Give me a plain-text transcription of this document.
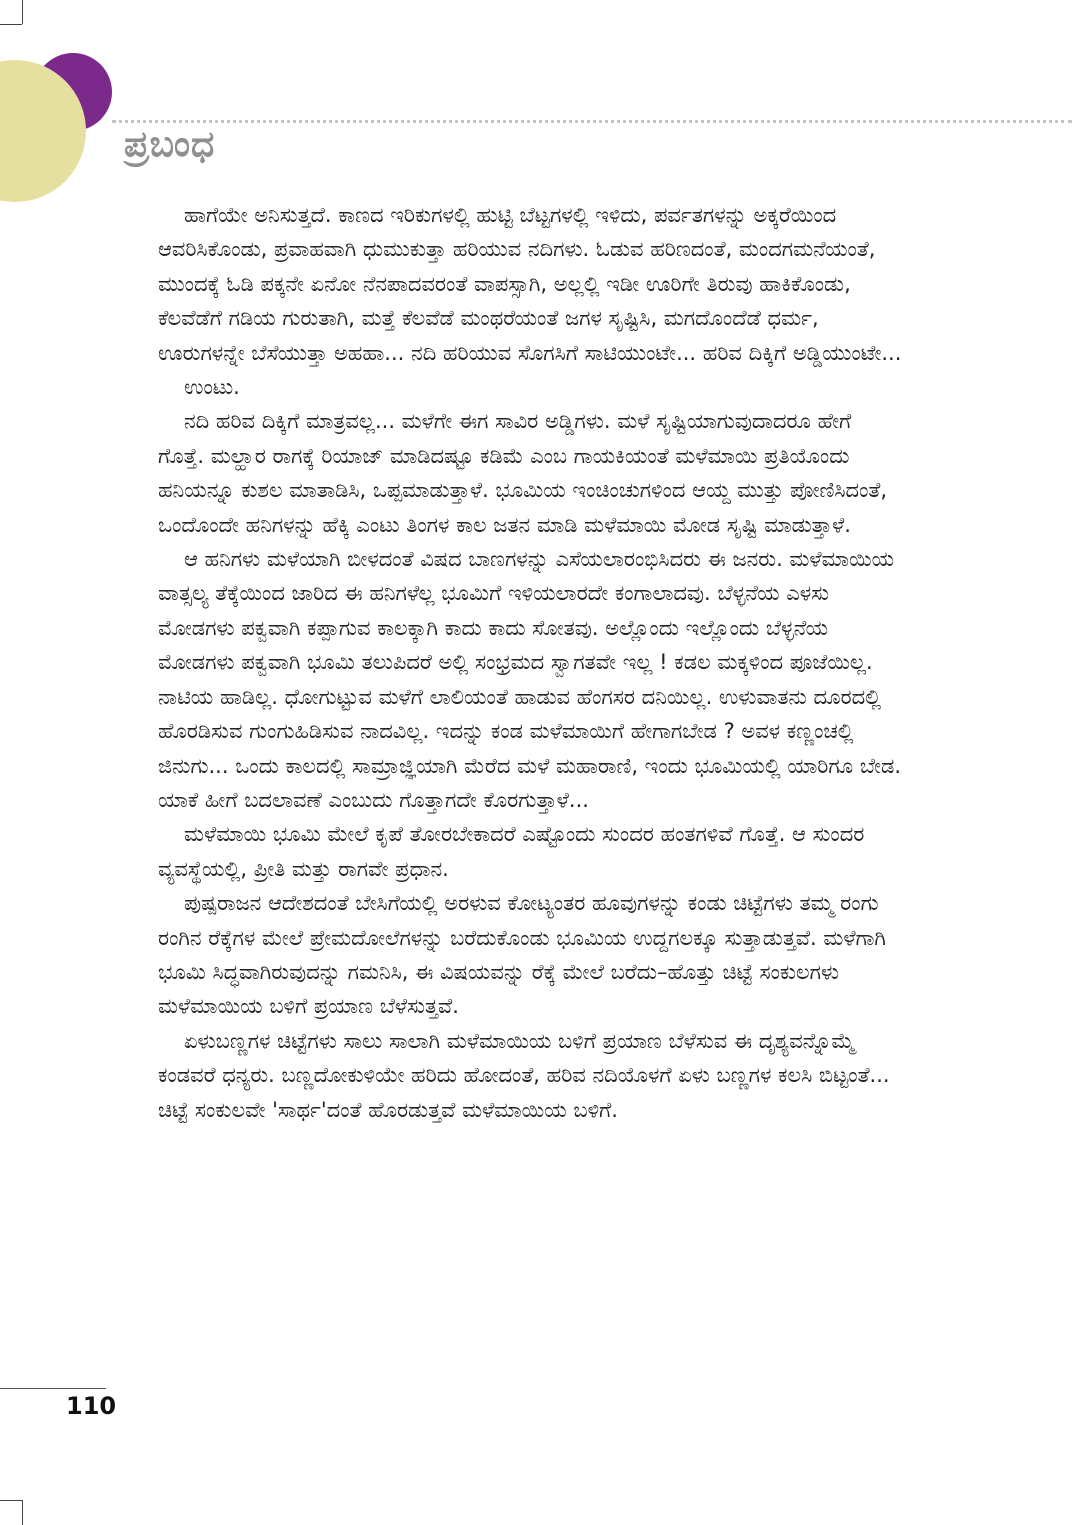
ಪ್ರಬಂಧ

ಹಾಗೆಯೇ ಅನಿಸುತ್ತದೆ. ಕಾಣದ ಇರಿಕುಗಳಲ್ಲಿ ಹುಟ್ಟಿ ಬೆಟ್ಟಗಳಲ್ಲಿ ಇಳಿದು, ಪರ್ವತಗಳನ್ನು ಅಕ್ಕರೆಯಿಂದ ಆವರಿಸಿಕೊಂಡು, ಪ್ರವಾಹವಾಗಿ ಧುಮುಕುತ್ತಾ ಹರಿಯುವ ನದಿಗಳು. ಓಡುವ ಹರಿಣದಂತೆ, ಮಂದಗಮನೆಯಂತೆ, ಮುಂದಕ್ಕೆ ಓಡಿ ಪಕ್ಕನೇ ಏನೋ ನೆನಪಾದವರಂತೆ ವಾಪಸ್ಸಾಗಿ, ಅಲ್ಲಲ್ಲಿ ಇಡೀ ಊರಿಗೇ ತಿರುವು ಹಾಕಿಕೊಂಡು, ಕೆಲವೆಡೆಗೆ ಗಡಿಯ ಗುರುತಾಗಿ, ಮತ್ತೆ ಕೆಲವೆಡೆ ಮಂಥರೆಯಂತೆ ಜಗಳ ಸೃಷ್ಟಿಸಿ, ಮಗದೊಂದೆಡೆ ಧರ್ಮ, ಊರುಗಳನ್ನೇ ಬೆಸೆಯುತ್ತಾ ಅಹಹಾ... ನದಿ ಹರಿಯುವ ಸೊಗಸಿಗೆ ಸಾಟಿಯುಂಟೇ... ಹರಿವ ದಿಕ್ಕಿಗೆ ಅಡ್ಡಿಯುಂಟೇ...

ಉಂಟು.

ನದಿ ಹರಿವ ದಿಕ್ಕಿಗೆ ಮಾತ್ರವಲ್ಲ... ಮಳೆಗೇ ಈಗ ಸಾವಿರ ಅಡ್ಡಿಗಳು. ಮಳೆ ಸೃಷ್ಟಿಯಾಗುವುದಾದರೂ ಹೇಗೆ ಗೊತ್ತೆ. ಮಲ್ಹಾರ ರಾಗಕ್ಕೆ ರಿಯಾಜ್ ಮಾಡಿದಷ್ಟೂ ಕಡಿಮೆ ಎಂಬ ಗಾಯಕಿಯಂತೆ ಮಳೆಮಾಯಿ ಪ್ರತಿಯೊಂದು ಹನಿಯನ್ನೂ ಕುಶಲ ಮಾತಾಡಿಸಿ, ಒಪ್ಪಮಾಡುತ್ತಾಳೆ. ಭೂಮಿಯ ಇಂಚಿಂಚುಗಳಿಂದ ಆಯ್ದ ಮುತ್ತು ಪೋಣಿಸಿದಂತೆ, ಒಂದೊಂದೇ ಹನಿಗಳನ್ನು ಹೆಕ್ಕಿ ಎಂಟು ತಿಂಗಳ ಕಾಲ ಜತನ ಮಾಡಿ ಮಳೆಮಾಯಿ ಮೋಡ ಸೃಷ್ಟಿ ಮಾಡುತ್ತಾಳೆ.

ಆ ಹನಿಗಳು ಮಳೆಯಾಗಿ ಬೀಳದಂತೆ ವಿಷದ ಬಾಣಗಳನ್ನು ಎಸೆಯಲಾರಂಭಿಸಿದರು ಈ ಜನರು. ಮಳೆಮಾಯಿಯ ವಾತ್ಸಲ್ಯ ತೆಕ್ಕೆಯಿಂದ ಜಾರಿದ ಈ ಹನಿಗಳೆಲ್ಲ ಭೂಮಿಗೆ ಇಳಿಯಲಾರದೇ ಕಂಗಾಲಾದವು. ಬೆಳ್ಳನೆಯ ಎಳಸು ಮೋಡಗಳು ಪಕ್ವವಾಗಿ ಕಪ್ಪಾಗುವ ಕಾಲಕ್ಕಾಗಿ ಕಾದು ಕಾದು ಸೋತವು. ಅಲ್ಲೊಂದು ಇಲ್ಲೊಂದು ಬೆಳ್ಳನೆಯ ಮೋಡಗಳು ಪಕ್ವವಾಗಿ ಭೂಮಿ ತಲುಪಿದರೆ ಅಲ್ಲಿ ಸಂಭ್ರಮದ ಸ್ವಾಗತವೇ ಇಲ್ಲ ! ಕಡಲ ಮಕ್ಕಳಿಂದ ಪೂಜೆಯಿಲ್ಲ. ನಾಟಿಯ ಹಾಡಿಲ್ಲ. ಧೋಗುಟ್ಟುವ ಮಳೆಗೆ ಲಾಲಿಯಂತೆ ಹಾಡುವ ಹೆಂಗಸರ ದನಿಯಿಲ್ಲ. ಉಳುವಾತನು ದೂರದಲ್ಲಿ ಹೊರಡಿಸುವ ಗುಂಗುಹಿಡಿಸುವ ನಾದವಿಲ್ಲ. ಇದನ್ನು ಕಂಡ ಮಳೆಮಾಯಿಗೆ ಹೇಗಾಗಬೇಡ ? ಅವಳ ಕಣ್ಣಂಚಲ್ಲಿ ಜಿನುಗು... ಒಂದು ಕಾಲದಲ್ಲಿ ಸಾಮ್ರಾಜ್ಞಿಯಾಗಿ ಮೆರೆದ ಮಳೆ ಮಹಾರಾಣಿ, ಇಂದು ಭೂಮಿಯಲ್ಲಿ ಯಾರಿಗೂ ಬೇಡ. ಯಾಕೆ ಹೀಗೆ ಬದಲಾವಣೆ ಎಂಬುದು ಗೊತ್ತಾಗದೇ ಕೊರಗುತ್ತಾಳೆ...

ಮಳೆಮಾಯಿ ಭೂಮಿ ಮೇಲೆ ಕೃಪೆ ತೋರಬೇಕಾದರೆ ಎಷ್ಟೊಂದು ಸುಂದರ ಹಂತಗಳಿವೆ ಗೊತ್ತೆ. ಆ ಸುಂದರ ವ್ಯವಸ್ಥೆಯಲ್ಲಿ, ಪ್ರೀತಿ ಮತ್ತು ರಾಗವೇ ಪ್ರಧಾನ.

ಪುಷ್ಪರಾಜನ ಆದೇಶದಂತೆ ಬೇಸಿಗೆಯಲ್ಲಿ ಅರಳುವ ಕೋಟ್ಯಂತರ ಹೂವುಗಳನ್ನು ಕಂಡು ಚಿಟ್ಟೆಗಳು ತಮ್ಮ ರಂಗು ರಂಗಿನ ರೆಕ್ಕೆಗಳ ಮೇಲೆ ಪ್ರೇಮದೋಲೆಗಳನ್ನು ಬರೆದುಕೊಂಡು ಭೂಮಿಯ ಉದ್ದಗಲಕ್ಕೂ ಸುತ್ತಾಡುತ್ತವೆ. ಮಳೆಗಾಗಿ ಭೂಮಿ ಸಿದ್ಧವಾಗಿರುವುದನ್ನು ಗಮನಿಸಿ, ಈ ವಿಷಯವನ್ನು ರೆಕ್ಕೆ ಮೇಲೆ ಬರೆದು–ಹೊತ್ತು ಚಿಟ್ಟೆ ಸಂಕುಲಗಳು ಮಳೆಮಾಯಿಯ ಬಳಿಗೆ ಪ್ರಯಾಣ ಬೆಳೆಸುತ್ತವೆ.

ಏಳುಬಣ್ಣಗಳ ಚಿಟ್ಟೆಗಳು ಸಾಲು ಸಾಲಾಗಿ ಮಳೆಮಾಯಿಯ ಬಳಿಗೆ ಪ್ರಯಾಣ ಬೆಳೆಸುವ ಈ ದೃಶ್ಯವನ್ನೊಮ್ಮೆ ಕಂಡವರೆ ಧನ್ಯರು. ಬಣ್ಣದೋಕುಳಿಯೇ ಹರಿದು ಹೋದಂತೆ, ಹರಿವ ನದಿಯೊಳಗೆ ಏಳು ಬಣ್ಣಗಳ ಕಲಸಿ ಬಿಟ್ಟಂತೆ... ಚಿಟ್ಟೆ ಸಂಕುಲವೇ 'ಸಾರ್ಥ'ದಂತೆ ಹೊರಡುತ್ತವೆ ಮಳೆಮಾಯಿಯ ಬಳಿಗೆ.

110
